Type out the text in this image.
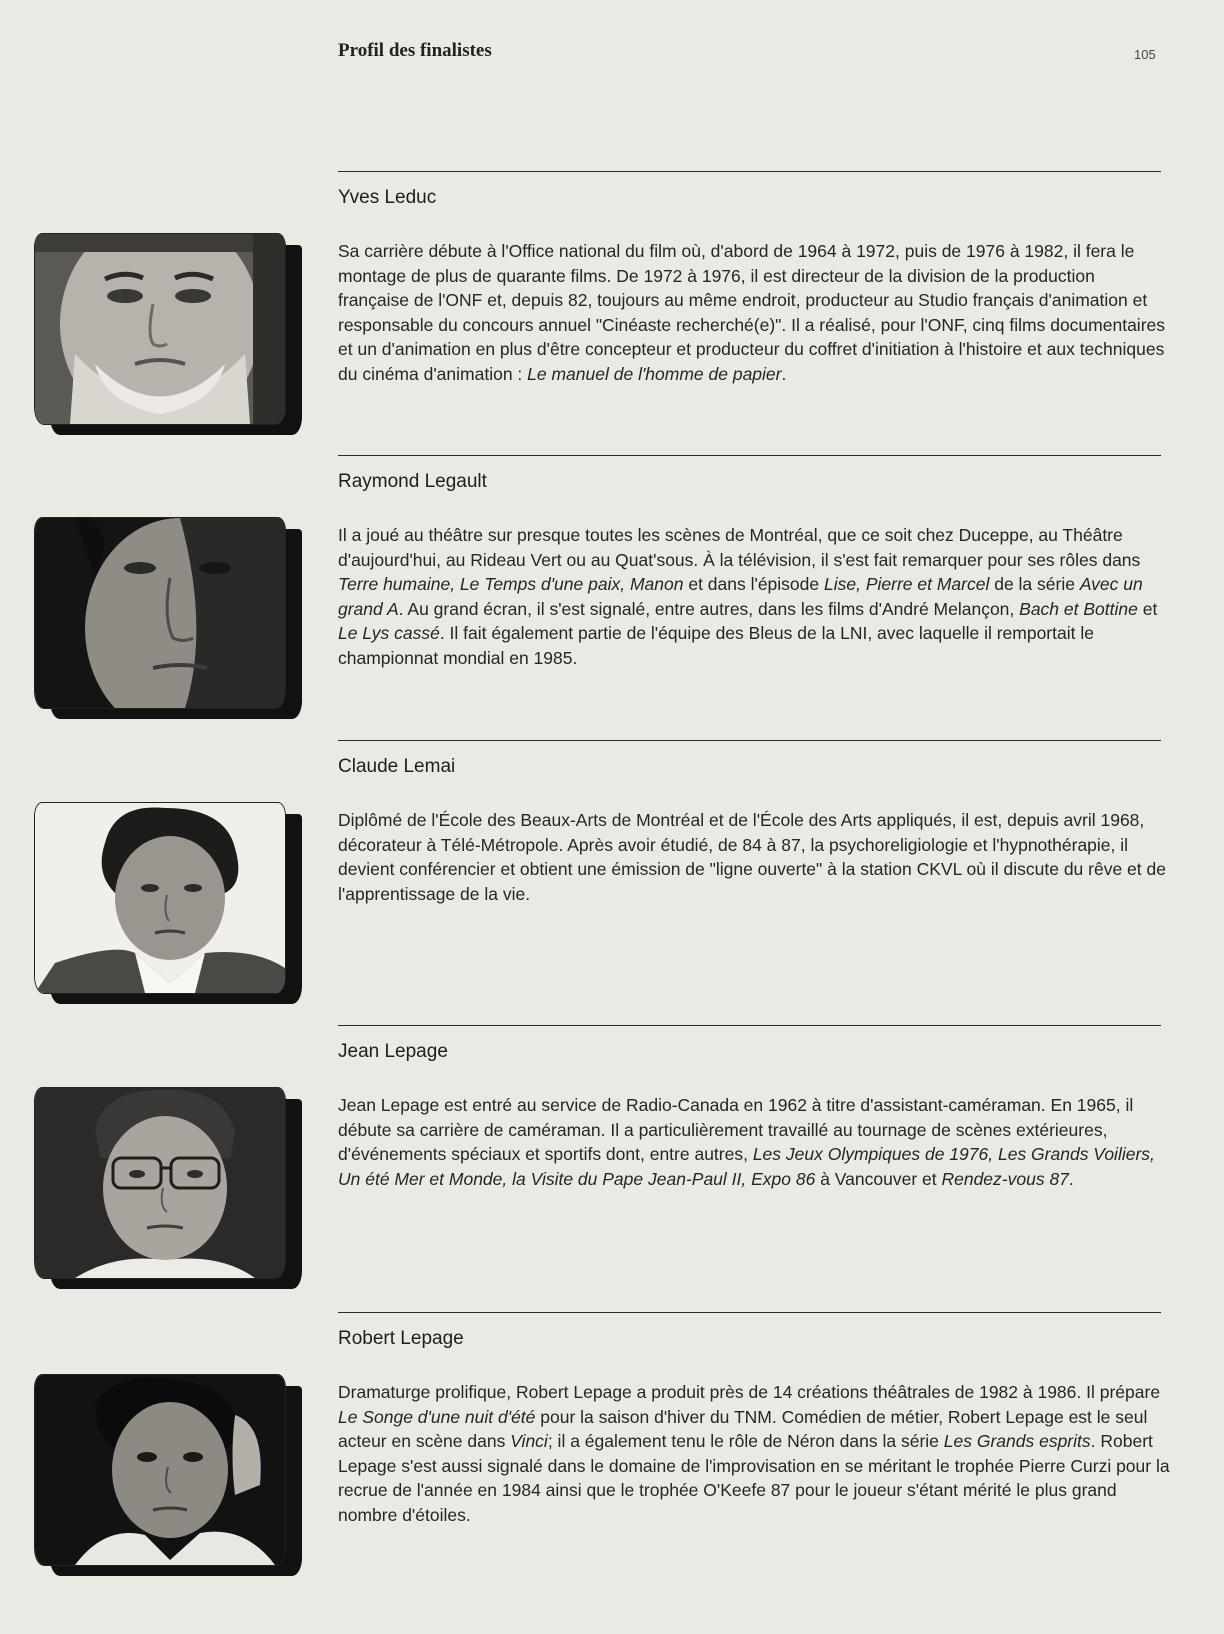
Profil des finalistes	105
Yves Leduc

Sa carrière débute à l'Office national du film où, d'abord de 1964 à 1972, puis de 1976 à 1982, il fera le montage de plus de quarante films. De 1972 à 1976, il est directeur de la division de la production française de l'ONF et, depuis 82, toujours au même endroit, producteur au Studio français d'animation et responsable du concours annuel "Cinéaste recherché(e)". Il a réalisé, pour l'ONF, cinq films documentaires et un d'animation en plus d'être concepteur et producteur du coffret d'initiation à l'histoire et aux techniques du cinéma d'animation : Le manuel de l'homme de papier.

Raymond Legault

Il a joué au théâtre sur presque toutes les scènes de Montréal, que ce soit chez Duceppe, au Théâtre d'aujourd'hui, au Rideau Vert ou au Quat'sous. À la télévision, il s'est fait remarquer pour ses rôles dans Terre humaine, Le Temps d'une paix, Manon et dans l'épisode Lise, Pierre et Marcel de la série Avec un grand A. Au grand écran, il s'est signalé, entre autres, dans les films d'André Melançon, Bach et Bottine et Le Lys cassé. Il fait également partie de l'équipe des Bleus de la LNI, avec laquelle il remportait le championnat mondial en 1985.

Claude Lemai

Diplômé de l'École des Beaux-Arts de Montréal et de l'École des Arts appliqués, il est, depuis avril 1968, décorateur à Télé-Métropole. Après avoir étudié, de 84 à 87, la psychoreligiologie et l'hypnothérapie, il devient conférencier et obtient une émission de "ligne ouverte" à la station CKVL où il discute du rêve et de l'apprentissage de la vie.

Jean Lepage

Jean Lepage est entré au service de Radio-Canada en 1962 à titre d'assistant-caméraman. En 1965, il débute sa carrière de caméraman. Il a particulièrement travaillé au tournage de scènes extérieures, d'événements spéciaux et sportifs dont, entre autres, Les Jeux Olympiques de 1976, Les Grands Voiliers, Un été Mer et Monde, la Visite du Pape Jean-Paul II, Expo 86 à Vancouver et Rendez-vous 87.

Robert Lepage

Dramaturge prolifique, Robert Lepage a produit près de 14 créations théâtrales de 1982 à 1986. Il prépare Le Songe d'une nuit d'été pour la saison d'hiver du TNM. Comédien de métier, Robert Lepage est le seul acteur en scène dans Vinci; il a également tenu le rôle de Néron dans la série Les Grands esprits. Robert Lepage s'est aussi signalé dans le domaine de l'improvisation en se méritant le trophée Pierre Curzi pour la recrue de l'année en 1984 ainsi que le trophée O'Keefe 87 pour le joueur s'étant mérité le plus grand nombre d'étoiles.
